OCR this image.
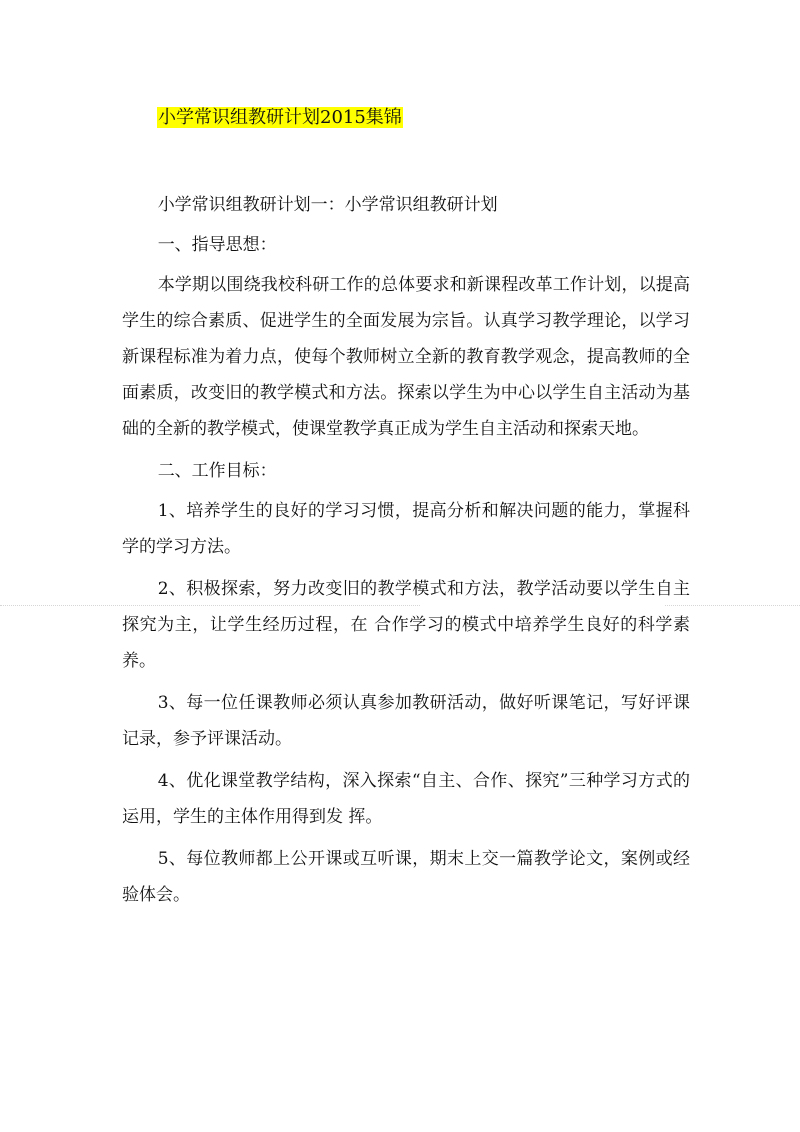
小学常识组教研计划2015集锦

小学常识组教研计划一：小学常识组教研计划

一、指导思想：

本学期以围绕我校科研工作的总体要求和新课程改革工作计划，以提高学生的综合素质、促进学生的全面发展为宗旨。认真学习教学理论，以学习新课程标准为着力点，使每个教师树立全新的教育教学观念，提高教师的全面素质，改变旧的教学模式和方法。探索以学生为中心以学生自主活动为基础的全新的教学模式，使课堂教学真正成为学生自主活动和探索天地。

二、工作目标：

1、培养学生的良好的学习习惯，提高分析和解决问题的能力，掌握科学的学习方法。

2、积极探索，努力改变旧的教学模式和方法，教学活动要以学生自主探究为主，让学生经历过程，在 合作学习的模式中培养学生良好的科学素养。

3、每一位任课教师必须认真参加教研活动，做好听课笔记，写好评课记录，参予评课活动。

4、优化课堂教学结构，深入探索“自主、合作、探究”三种学习方式的运用，学生的主体作用得到发 挥。

5、每位教师都上公开课或互听课，期末上交一篇教学论文，案例或经验体会。
